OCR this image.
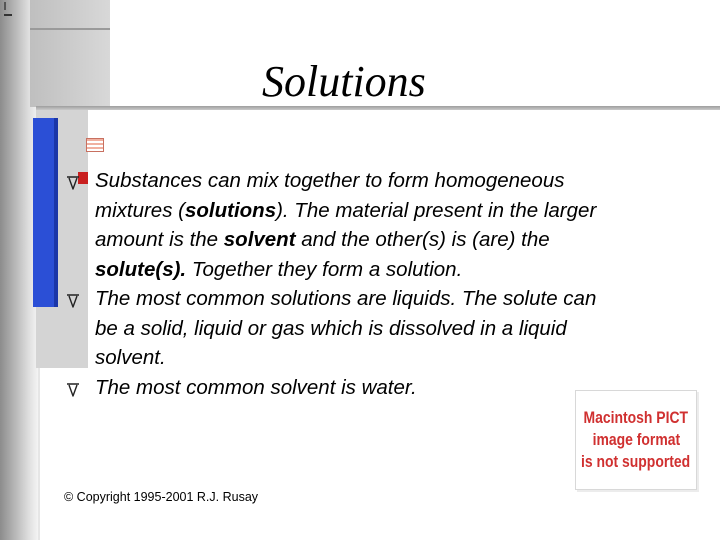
Solutions
Substances can mix together to form homogeneous mixtures (solutions). The material present in the larger amount is the solvent and the other(s) is (are) the solute(s). Together they form a solution.
The most common solutions are liquids. The solute can be a solid, liquid or gas which is dissolved in a liquid solvent.
The most common solvent is water.
Macintosh PICT
image format
is not supported
© Copyright 1995-2001 R.J. Rusay
